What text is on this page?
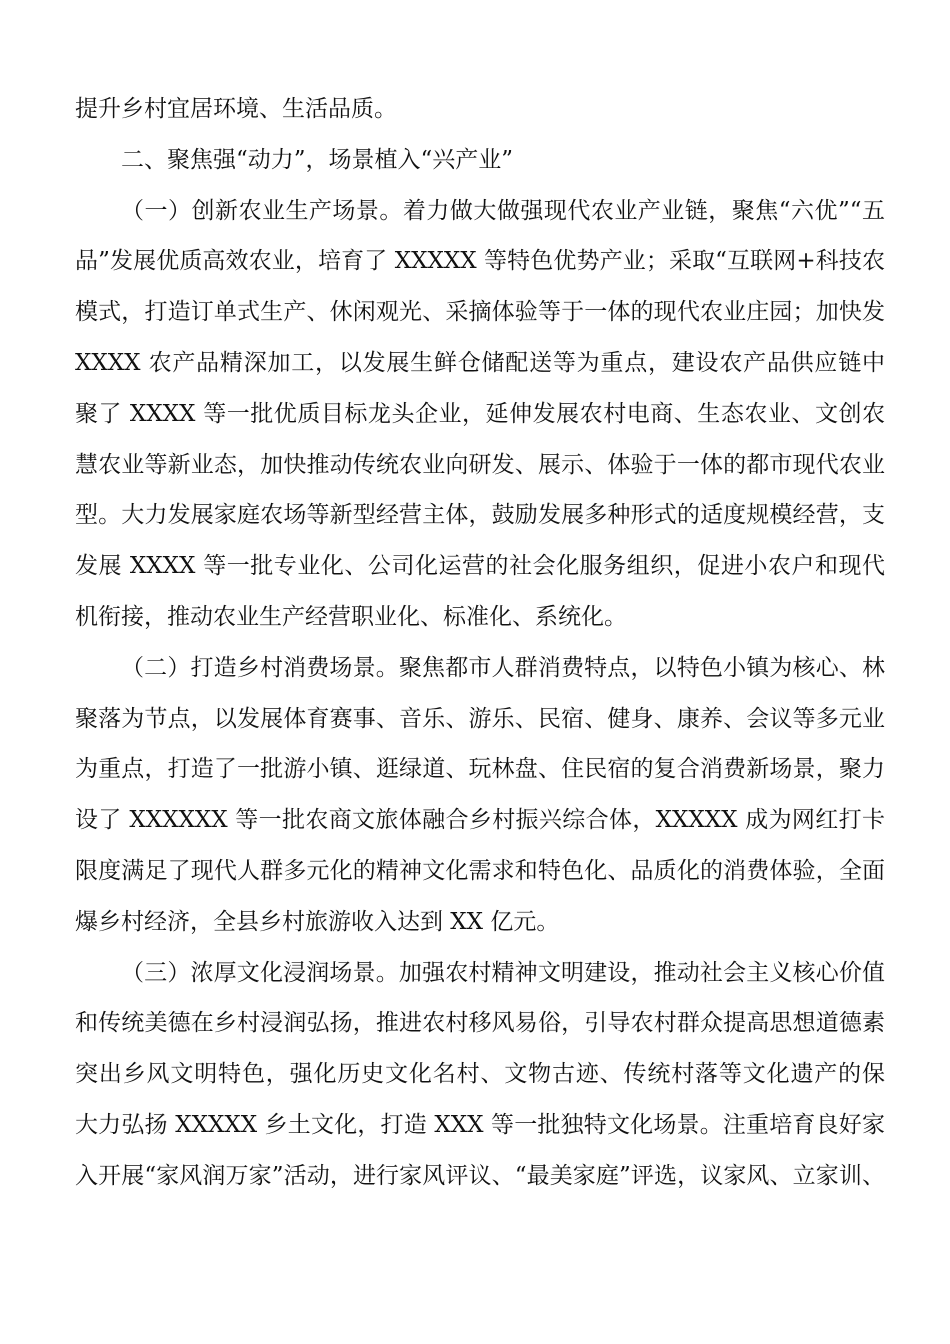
提升乡村宜居环境、生活品质。
二、聚焦强“动力”，场景植入“兴产业”
（一）创新农业生产场景。着力做大做强现代农业产业链，聚焦“六优”“五
品”发展优质高效农业，培育了 XXXXX 等特色优势产业；采取“互联网+科技农
模式，打造订单式生产、休闲观光、采摘体验等于一体的现代农业庄园；加快发
XXXX 农产品精深加工，以发展生鲜仓储配送等为重点，建设农产品供应链中
聚了 XXXX 等一批优质目标龙头企业，延伸发展农村电商、生态农业、文创农
慧农业等新业态，加快推动传统农业向研发、展示、体验于一体的都市现代农业
型。大力发展家庭农场等新型经营主体，鼓励发展多种形式的适度规模经营，支
发展 XXXX 等一批专业化、公司化运营的社会化服务组织，促进小农户和现代
机衔接，推动农业生产经营职业化、标准化、系统化。
（二）打造乡村消费场景。聚焦都市人群消费特点，以特色小镇为核心、林
聚落为节点，以发展体育赛事、音乐、游乐、民宿、健身、康养、会议等多元业
为重点，打造了一批游小镇、逛绿道、玩林盘、住民宿的复合消费新场景，聚力
设了 XXXXXX 等一批农商文旅体融合乡村振兴综合体，XXXXX 成为网红打卡
限度满足了现代人群多元化的精神文化需求和特色化、品质化的消费体验，全面
爆乡村经济，全县乡村旅游收入达到 XX 亿元。
（三）浓厚文化浸润场景。加强农村精神文明建设，推动社会主义核心价值
和传统美德在乡村浸润弘扬，推进农村移风易俗，引导农村群众提高思想道德素
突出乡风文明特色，强化历史文化名村、文物古迹、传统村落等文化遗产的保
大力弘扬 XXXXX 乡土文化，打造 XXX 等一批独特文化场景。注重培育良好家
入开展“家风润万家”活动，进行家风评议、“最美家庭”评选，议家风、立家训、
